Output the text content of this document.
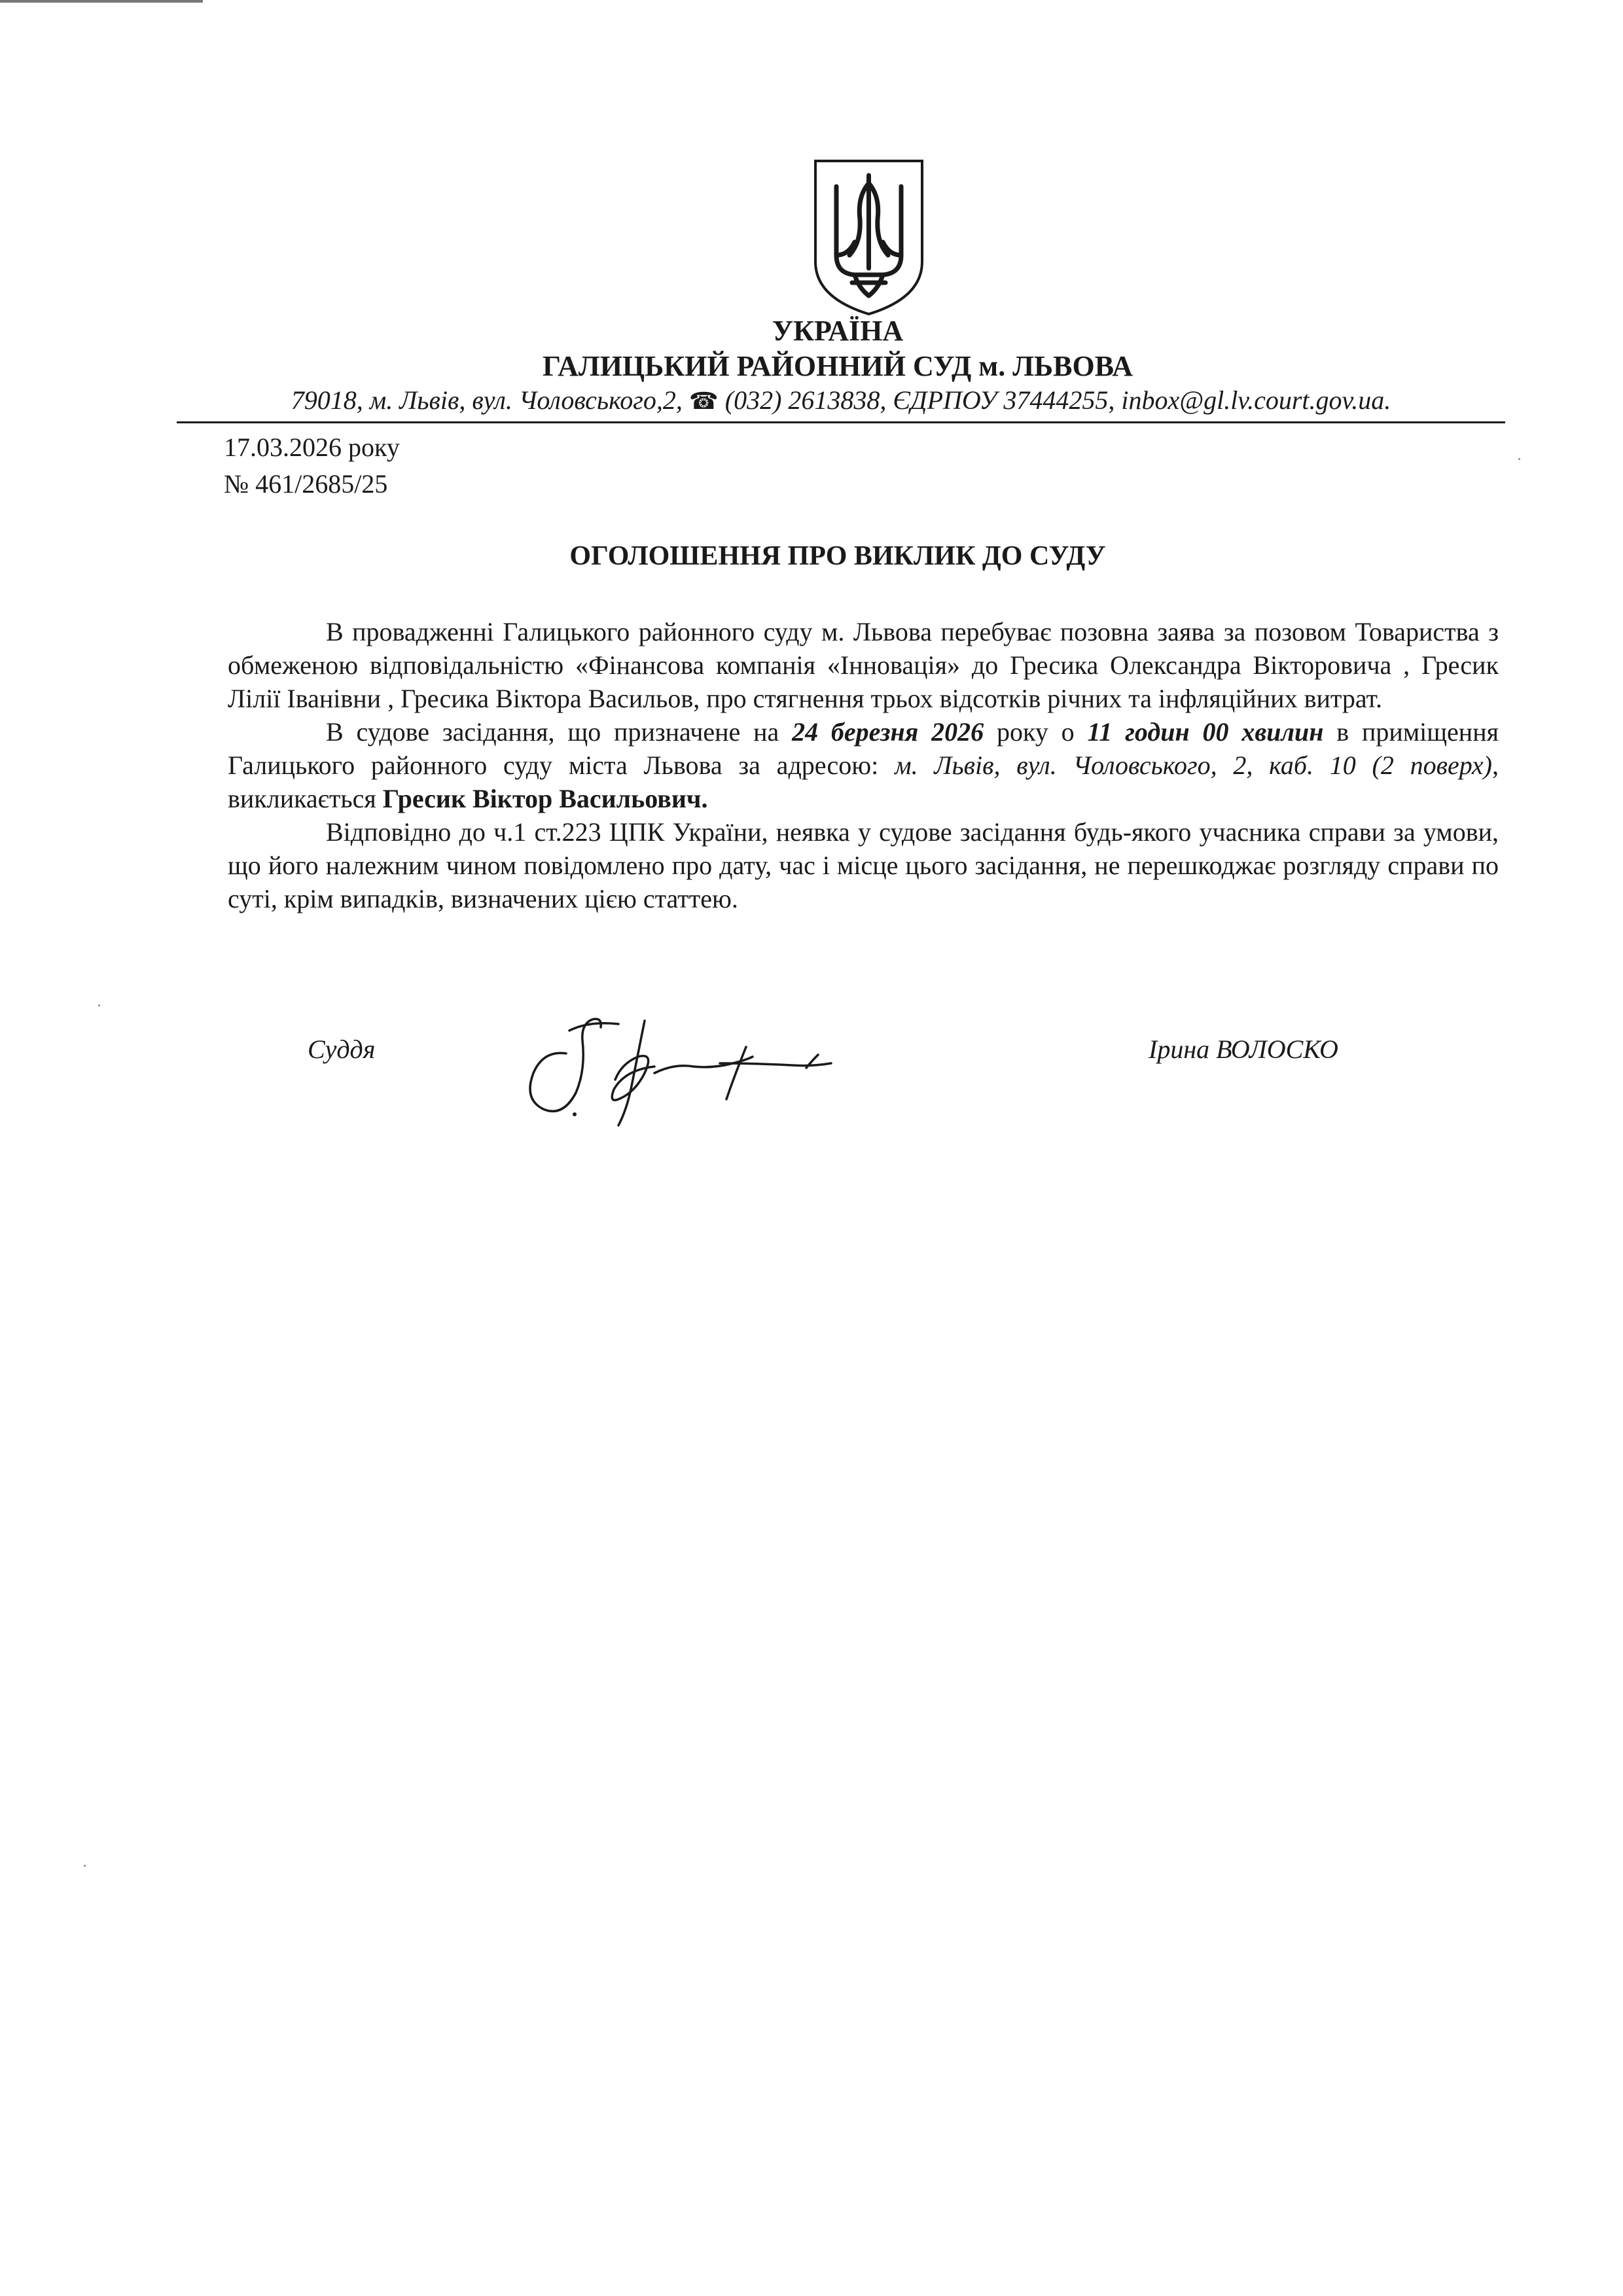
УКРАЇНА
ГАЛИЦЬКИЙ РАЙОННИЙ СУД м. ЛЬВОВА
79018, м. Львів, вул. Чоловського,2, ☎ (032) 2613838, ЄДРПОУ 37444255, inbox@gl.lv.court.gov.ua.
17.03.2026 року
№ 461/2685/25
ОГОЛОШЕННЯ ПРО ВИКЛИК ДО СУДУ

В провадженні Галицького районного суду м. Львова перебуває позовна заява за позовом Товариства з обмеженою відповідальністю «Фінансова компанія «Інновація» до Гресика Олександра Вікторовича , Гресик Лілії Іванівни , Гресика Віктора Васильов, про стягнення трьох відсотків річних та інфляційних витрат.

В судове засідання, що призначене на 24 березня 2026 року о 11 годин 00 хвилин в приміщення Галицького районного суду міста Львова за адресою: м. Львів, вул. Чоловського, 2, каб. 10 (2 поверх), викликається Гресик Віктор Васильович.

Відповідно до ч.1 ст.223 ЦПК України, неявка у судове засідання будь-якого учасника справи за умови, що його належним чином повідомлено про дату, час і місце цього засідання, не перешкоджає розгляду справи по суті, крім випадків, визначених цією статтею.

Суддя	Ірина ВОЛОСКО
